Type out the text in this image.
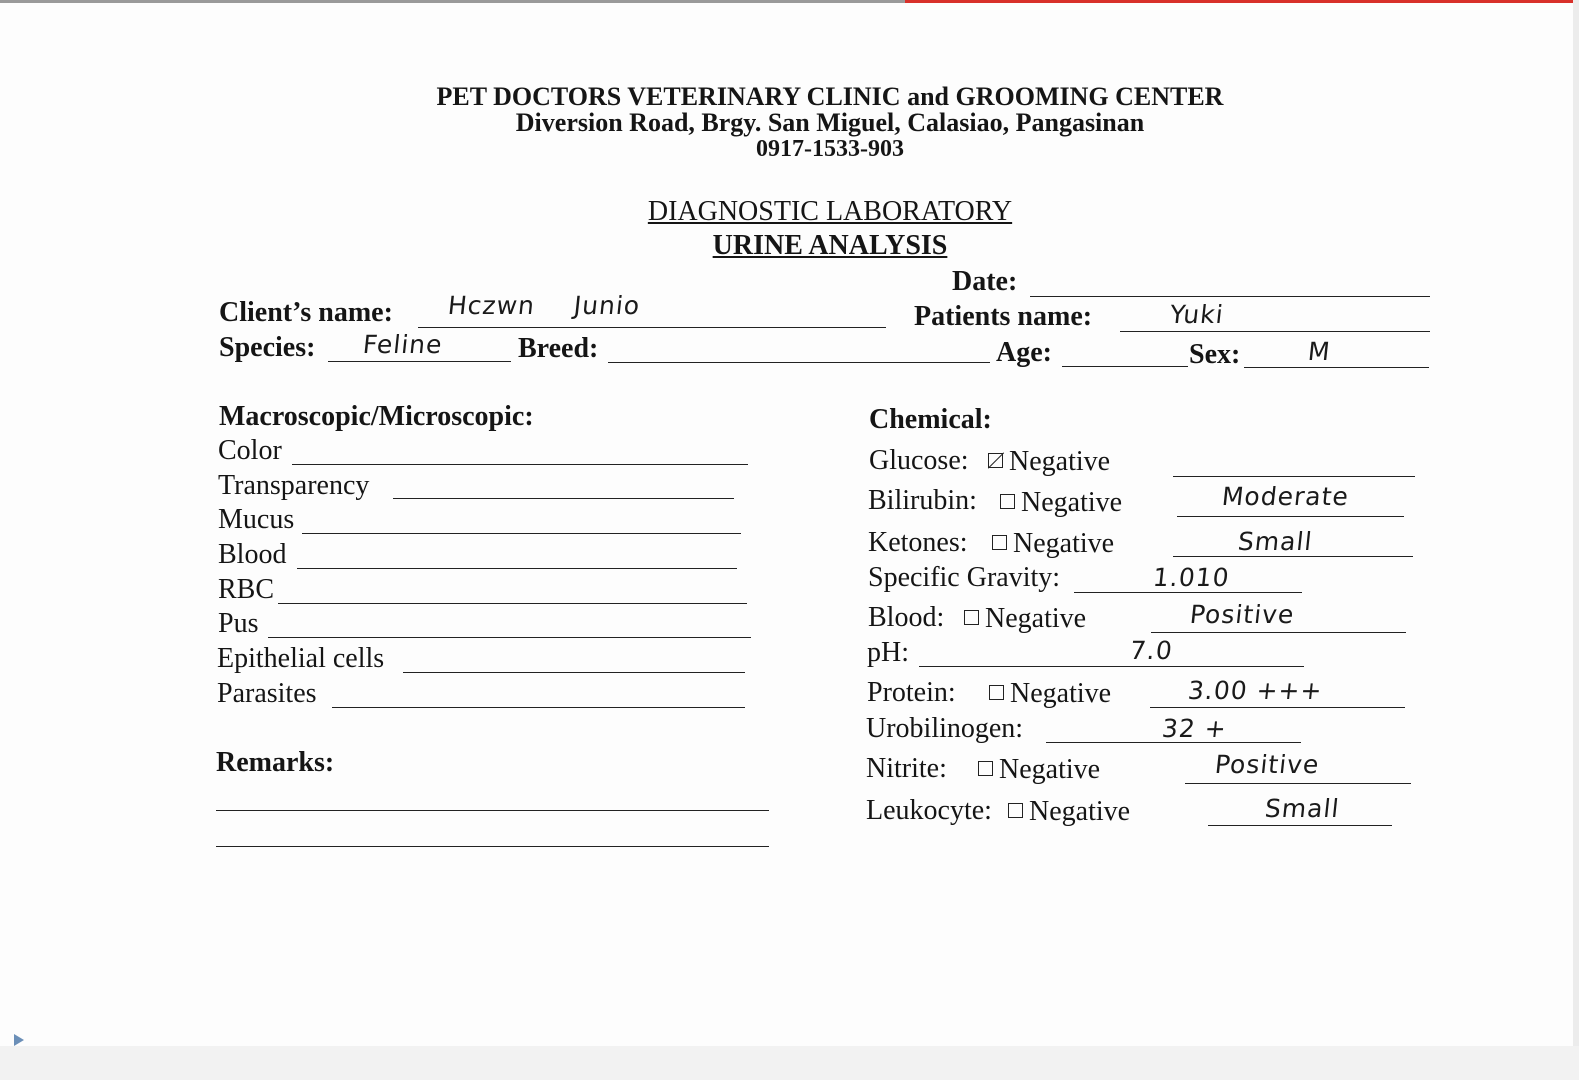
PET DOCTORS VETERINARY CLINIC and GROOMING CENTER
Diversion Road, Brgy. San Miguel, Calasiao, Pangasinan
0917-1533-903
DIAGNOSTIC LABORATORY
URINE ANALYSIS
Date:
Client’s name: Hczwn Junio	Patients name:	Yuki
Species: Feline	Breed:	Age:	Sex:	M
Macroscopic/Microscopic:
Color
Transparency
Mucus
Blood
RBC
Pus
Epithelial cells
Parasites
Remarks:
Chemical:
Glucose:	Negative
Bilirubin:	Negative	Moderate
Ketones:	Negative	Small
Specific Gravity:	1.010
Blood:	Negative	Positive
pH:	7.0
Protein:	Negative	3.00 +++
Urobilinogen:	32 +
Nitrite:	Negative	Positive
Leukocyte:	Negative	Small
